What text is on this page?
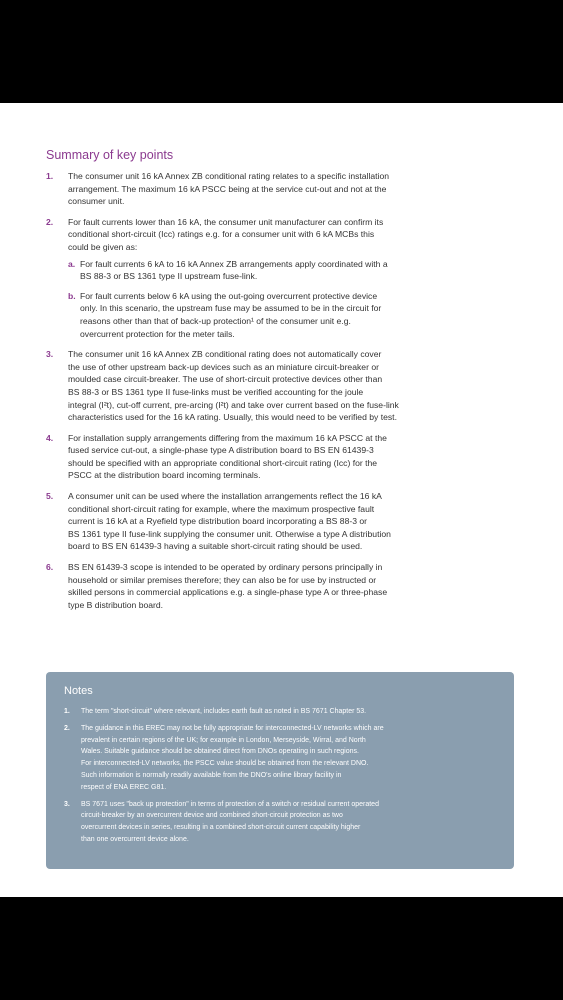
Summary of key points
1. The consumer unit 16 kA Annex ZB conditional rating relates to a specific installation
arrangement. The maximum 16 kA PSCC being at the service cut-out and not at the
consumer unit.
2. For fault currents lower than 16 kA, the consumer unit manufacturer can confirm its
conditional short-circuit (Icc) ratings e.g. for a consumer unit with 6 kA MCBs this
could be given as:
a. For fault currents 6 kA to 16 kA Annex ZB arrangements apply coordinated with a
BS 88-3 or BS 1361 type II upstream fuse-link.
b. For fault currents below 6 kA using the out-going overcurrent protective device
only. In this scenario, the upstream fuse may be assumed to be in the circuit for
reasons other than that of back-up protection¹ of the consumer unit e.g.
overcurrent protection for the meter tails.
3. The consumer unit 16 kA Annex ZB conditional rating does not automatically cover
the use of other upstream back-up devices such as an miniature circuit-breaker or
moulded case circuit-breaker. The use of short-circuit protective devices other than
BS 88-3 or BS 1361 type II fuse-links must be verified accounting for the joule
integral (I²t), cut-off current, pre-arcing (I²t) and take over current based on the fuse-link
characteristics used for the 16 kA rating. Usually, this would need to be verified by test.
4. For installation supply arrangements differing from the maximum 16 kA PSCC at the
fused service cut-out, a single-phase type A distribution board to BS EN 61439-3
should be specified with an appropriate conditional short-circuit rating (Icc) for the
PSCC at the distribution board incoming terminals.
5. A consumer unit can be used where the installation arrangements reflect the 16 kA
conditional short-circuit rating for example, where the maximum prospective fault
current is 16 kA at a Ryefield type distribution board incorporating a BS 88-3 or
BS 1361 type II fuse-link supplying the consumer unit. Otherwise a type A distribution
board to BS EN 61439-3 having a suitable short-circuit rating should be used.
6. BS EN 61439-3 scope is intended to be operated by ordinary persons principally in
household or similar premises therefore; they can also be for use by instructed or
skilled persons in commercial applications e.g. a single-phase type A or three-phase
type B distribution board.
Notes
1. The term "short-circuit" where relevant, includes earth fault as noted in BS 7671 Chapter 53.
2. The guidance in this EREC may not be fully appropriate for interconnected-LV networks which are
prevalent in certain regions of the UK; for example in London, Merseyside, Wirral, and North
Wales. Suitable guidance should be obtained direct from DNOs operating in such regions.
For interconnected-LV networks, the PSCC value should be obtained from the relevant DNO.
Such information is normally readily available from the DNO's online library facility in
respect of ENA EREC G81.
3. BS 7671 uses "back up protection" in terms of protection of a switch or residual current operated
circuit-breaker by an overcurrent device and combined short-circuit protection as two
overcurrent devices in series, resulting in a combined short-circuit current capability higher
than one overcurrent device alone.
